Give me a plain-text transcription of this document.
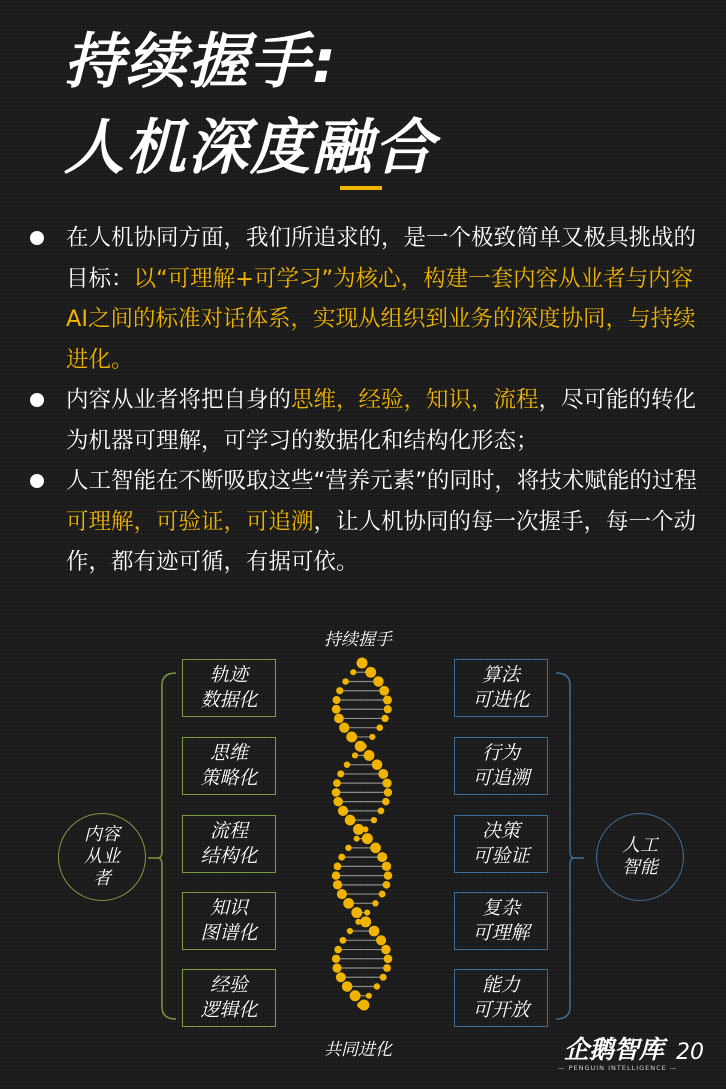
持续握手:
人机深度融合
在人机协同方面，我们所追求的，是一个极致简单又极具挑战的目标：以“可理解+可学习”为核心，构建一套内容从业者与内容AI之间的标准对话体系，实现从组织到业务的深度协同，与持续进化。
内容从业者将把自身的思维，经验，知识，流程，尽可能的转化为机器可理解，可学习的数据化和结构化形态；
人工智能在不断吸取这些“营养元素”的同时，将技术赋能的过程可理解，可验证，可追溯，让人机协同的每一次握手，每一个动作，都有迹可循，有据可依。
持续握手
共同进化
内容
从业
者
人工
智能
轨迹
数据化
思维
策略化
流程
结构化
知识
图谱化
经验
逻辑化
算法
可进化
行为
可追溯
决策
可验证
复杂
可理解
能力
可开放
企鹅智库
— PENGUIN INTELLIGENCE —
20
